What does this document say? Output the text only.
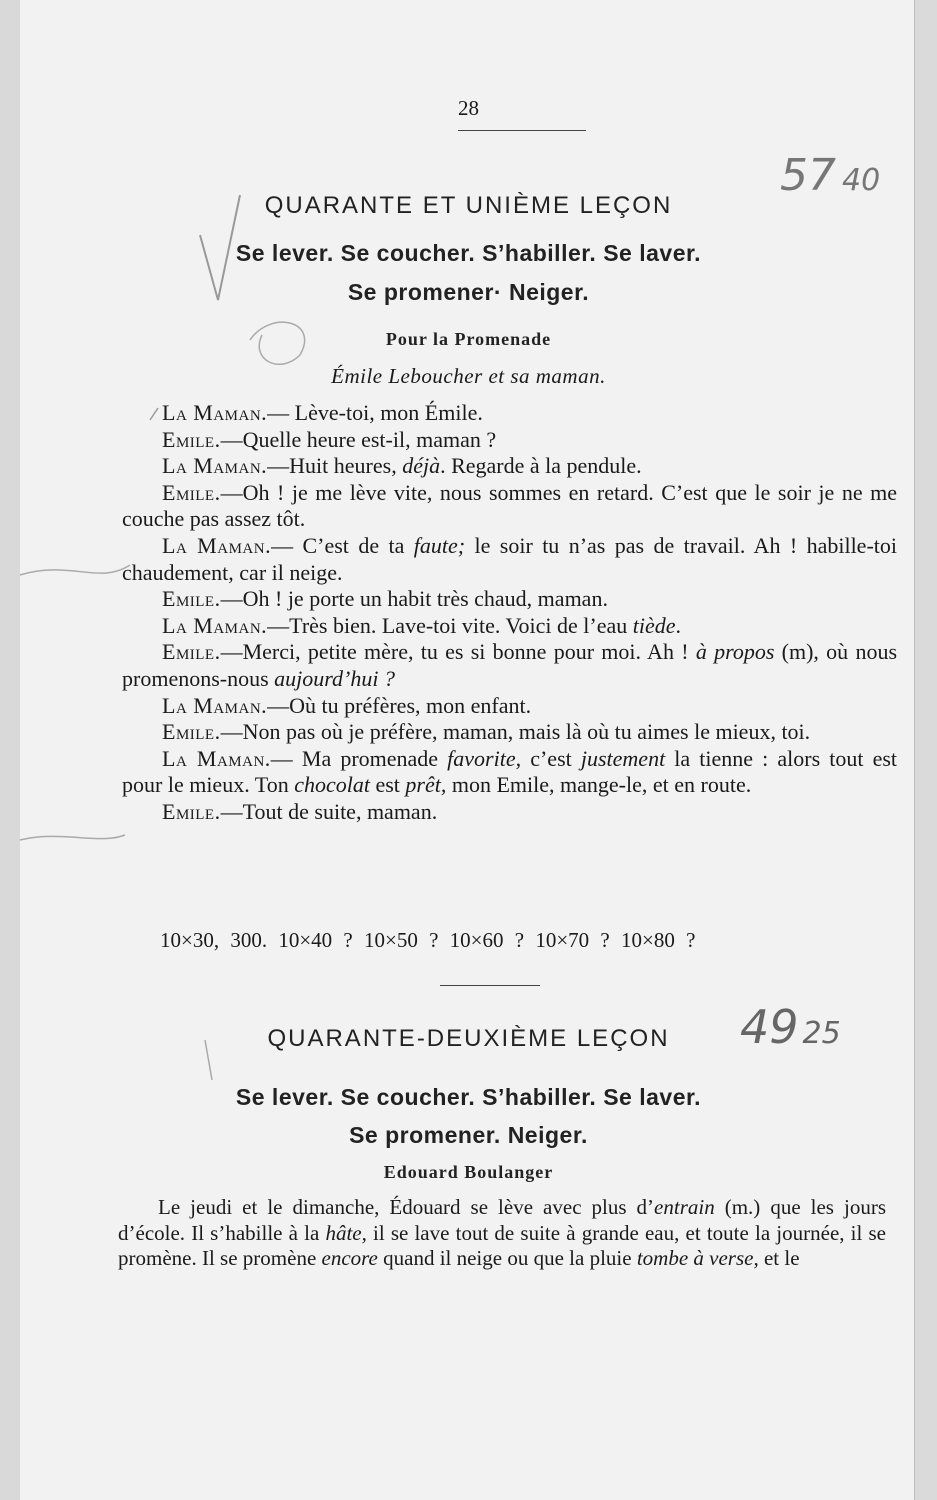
28
QUARANTE ET UNIÈME LEÇON
Se lever. Se coucher. S’habiller. Se laver.
Se promener· Neiger.
Pour la Promenade
Émile Leboucher et sa maman.

La Maman.— Lève-toi, mon Émile.

Emile.—Quelle heure est-il, maman ?

La Maman.—Huit heures, déjà. Regarde à la pendule.

Emile.—Oh ! je me lève vite, nous sommes en retard. C’est que le soir je ne me couche pas assez tôt.

La Maman.— C’est de ta faute; le soir tu n’as pas de travail. Ah ! habille-toi chaudement, car il neige.

Emile.—Oh ! je porte un habit très chaud, maman.

La Maman.—Très bien. Lave-toi vite. Voici de l’eau tiède.

Emile.—Merci, petite mère, tu es si bonne pour moi. Ah ! à propos (m), où nous promenons-nous aujourd’hui ?

La Maman.—Où tu préfères, mon enfant.

Emile.—Non pas où je préfère, maman, mais là où tu aimes le mieux, toi.

La Maman.— Ma promenade favorite, c’est justement la tienne : alors tout est pour le mieux. Ton chocolat est prêt, mon Emile, mange-le, et en route.

Emile.—Tout de suite, maman.

10×30, 300. 10×40 ? 10×50 ? 10×60 ? 10×70 ? 10×80 ?
QUARANTE-DEUXIÈME LEÇON
Se lever. Se coucher. S’habiller. Se laver.
Se promener. Neiger.
Edouard Boulanger

Le jeudi et le dimanche, Édouard se lève avec plus d’entrain (m.) que les jours d’école. Il s’habille à la hâte, il se lave tout de suite à grande eau, et toute la journée, il se promène. Il se promène encore quand il neige ou que la pluie tombe à verse, et le

57 40
49 25
